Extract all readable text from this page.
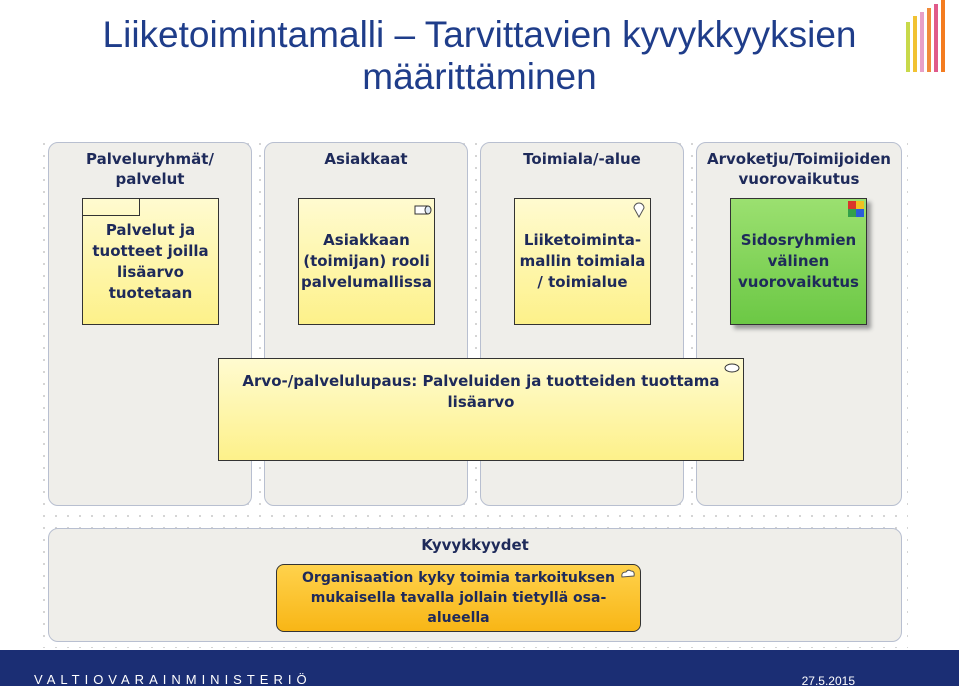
Liiketoimintamalli – Tarvittavien kyvykkyyksien
määrittäminen
Palveluryhmät/ palvelut
Asiakkaat	Toimiala/-alue	Arvoketju/Toimijoiden vuorovaikutus
Kyvykkyydet
Palvelut ja tuotteet joilla lisäarvo tuotetaan
Asiakkaan (toimijan) rooli palvelumallissa
Liiketoiminta-mallin toimiala / toimialue
Sidosryhmien välinen vuorovaikutus
Arvo-/palvelulupaus: Palveluiden ja tuotteiden tuottama lisäarvo
Organisaation kyky toimia tarkoituksen mukaisella tavalla jollain tietyllä osa-alueella
VALTIOVARAINMINISTERIÖ	27.5.2015
